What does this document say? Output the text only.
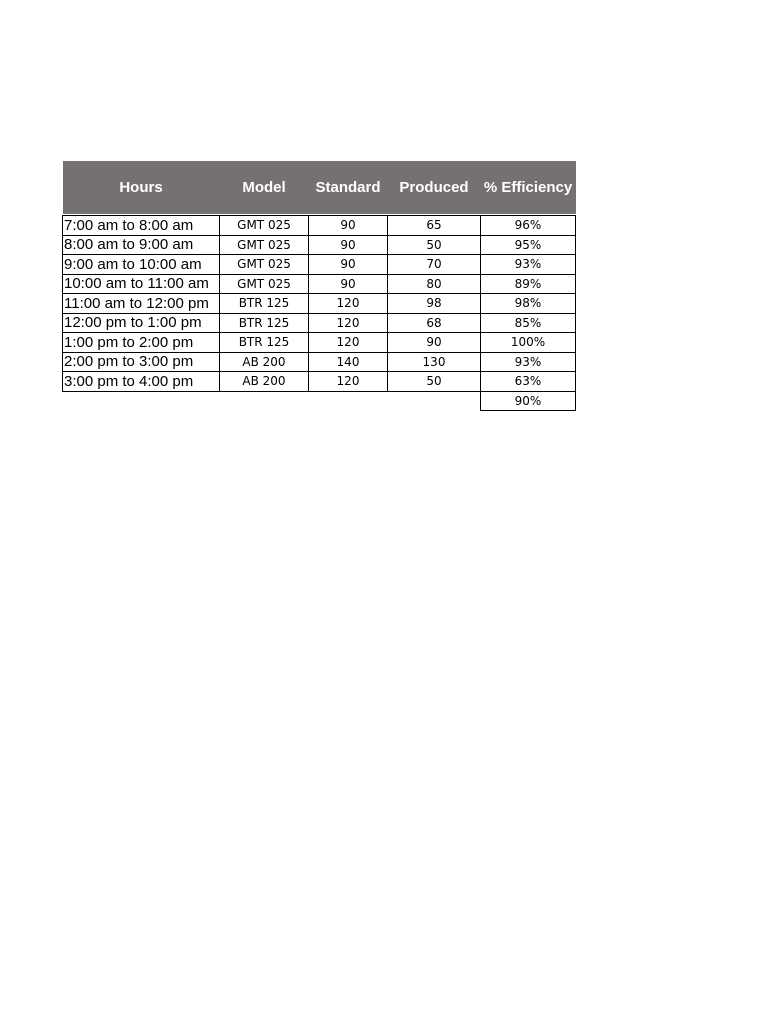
Hours	Model	Standard	Produced	% Efficiency

7:00 am to 8:00 am	GMT 025	90	65	96%
8:00 am to 9:00 am	GMT 025	90	50	95%
9:00 am to 10:00 am	GMT 025	90	70	93%
10:00 am to 11:00 am	GMT 025	90	80	89%
11:00 am to 12:00 pm	BTR 125	120	98	98%
12:00 pm to 1:00 pm	BTR 125	120	68	85%
1:00 pm to 2:00 pm	BTR 125	120	90	100%
2:00 pm to 3:00 pm	AB 200	140	130	93%
3:00 pm to 4:00 pm	AB 200	120	50	63%
				90%
